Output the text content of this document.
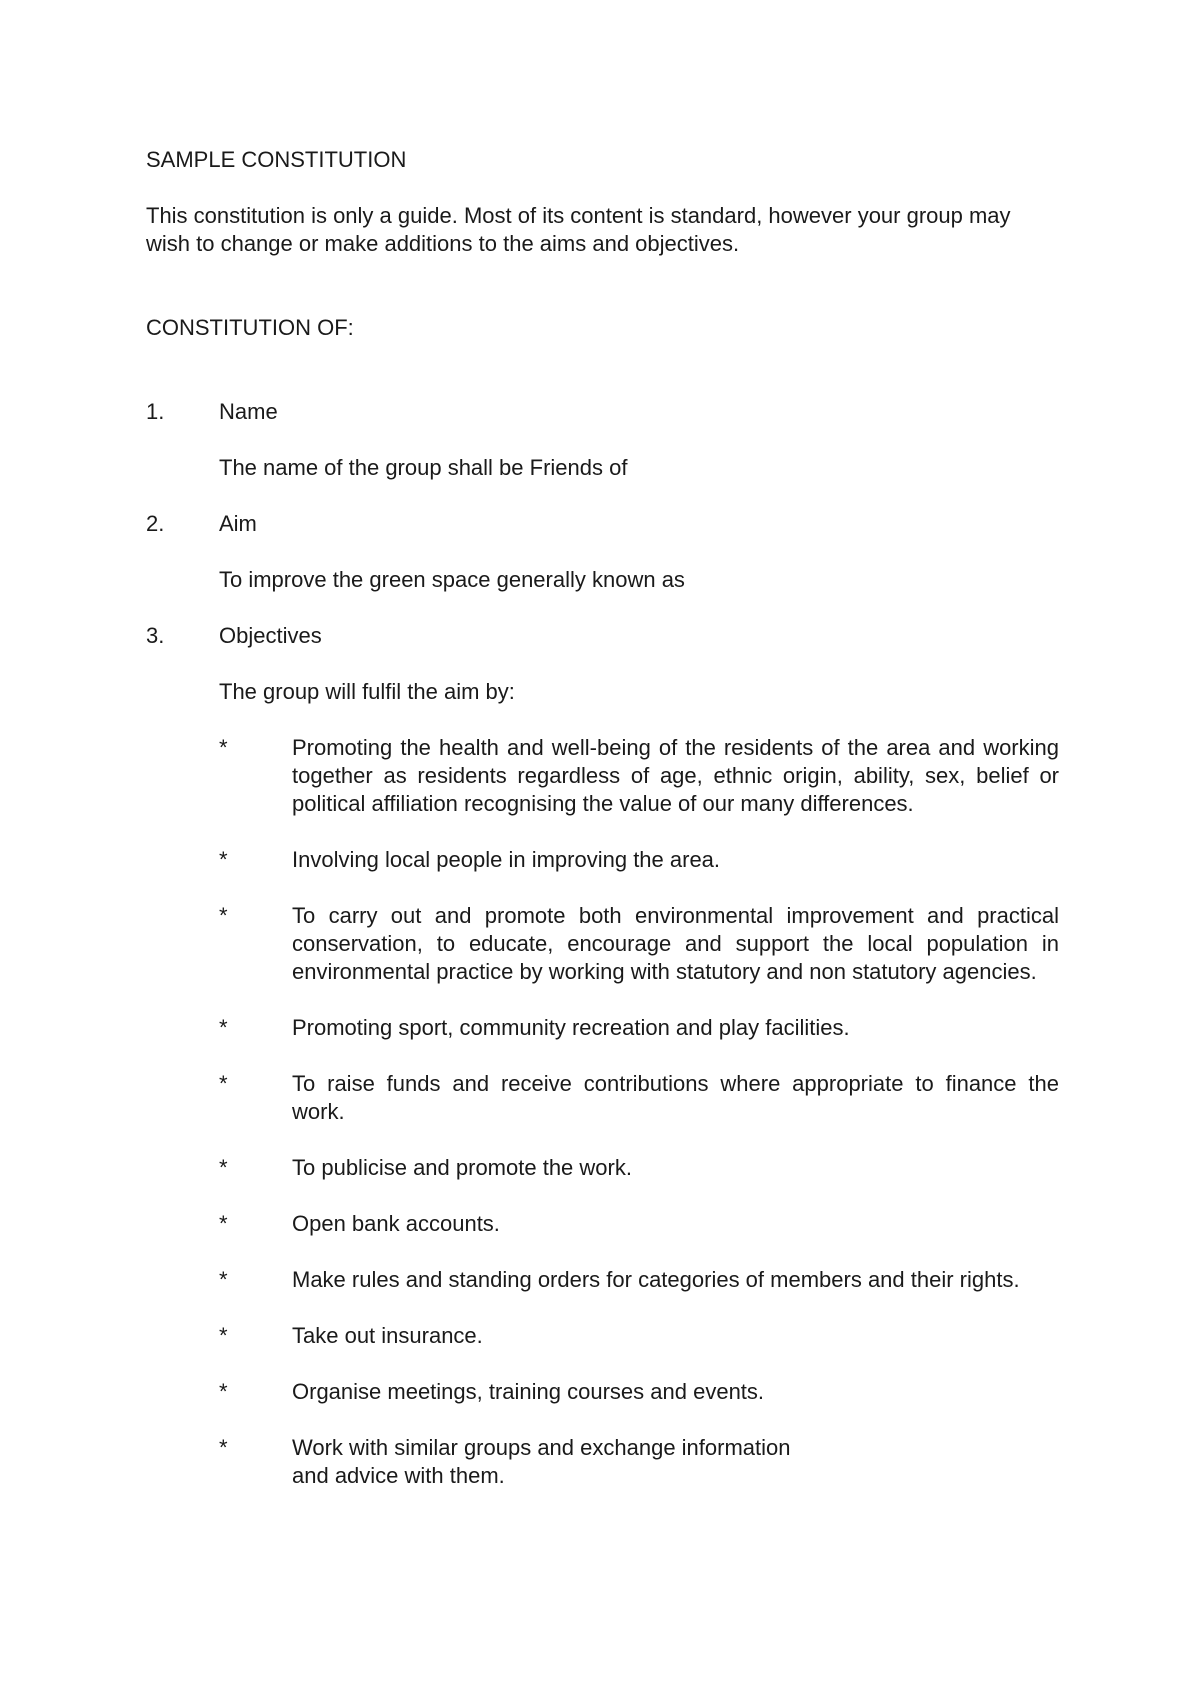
SAMPLE CONSTITUTION
This constitution is only a guide. Most of its content is standard, however your group may wish to change or make additions to the aims and objectives.
CONSTITUTION OF:
1.	Name
The name of the group shall be Friends of
2.	Aim
To improve the green space generally known as
3.	Objectives
The group will fulfil the aim by:
*	Promoting the health and well-being of the residents of the area and working together as residents regardless of age, ethnic origin, ability, sex, belief or political affiliation recognising the value of our many differences.
*	Involving local people in improving the area.
*	To carry out and promote both environmental improvement and practical conservation, to educate, encourage and support the local population in environmental practice by working with statutory and non statutory agencies.
*	Promoting sport, community recreation and play facilities.
*	To raise funds and receive contributions where appropriate to finance the work.
*	To publicise and promote the work.
*	Open bank accounts.
*	Make rules and standing orders for categories of members and their rights.
*	Take out insurance.
*	Organise meetings, training courses and events.
*	Work with similar groups and exchange information
and advice with them.
